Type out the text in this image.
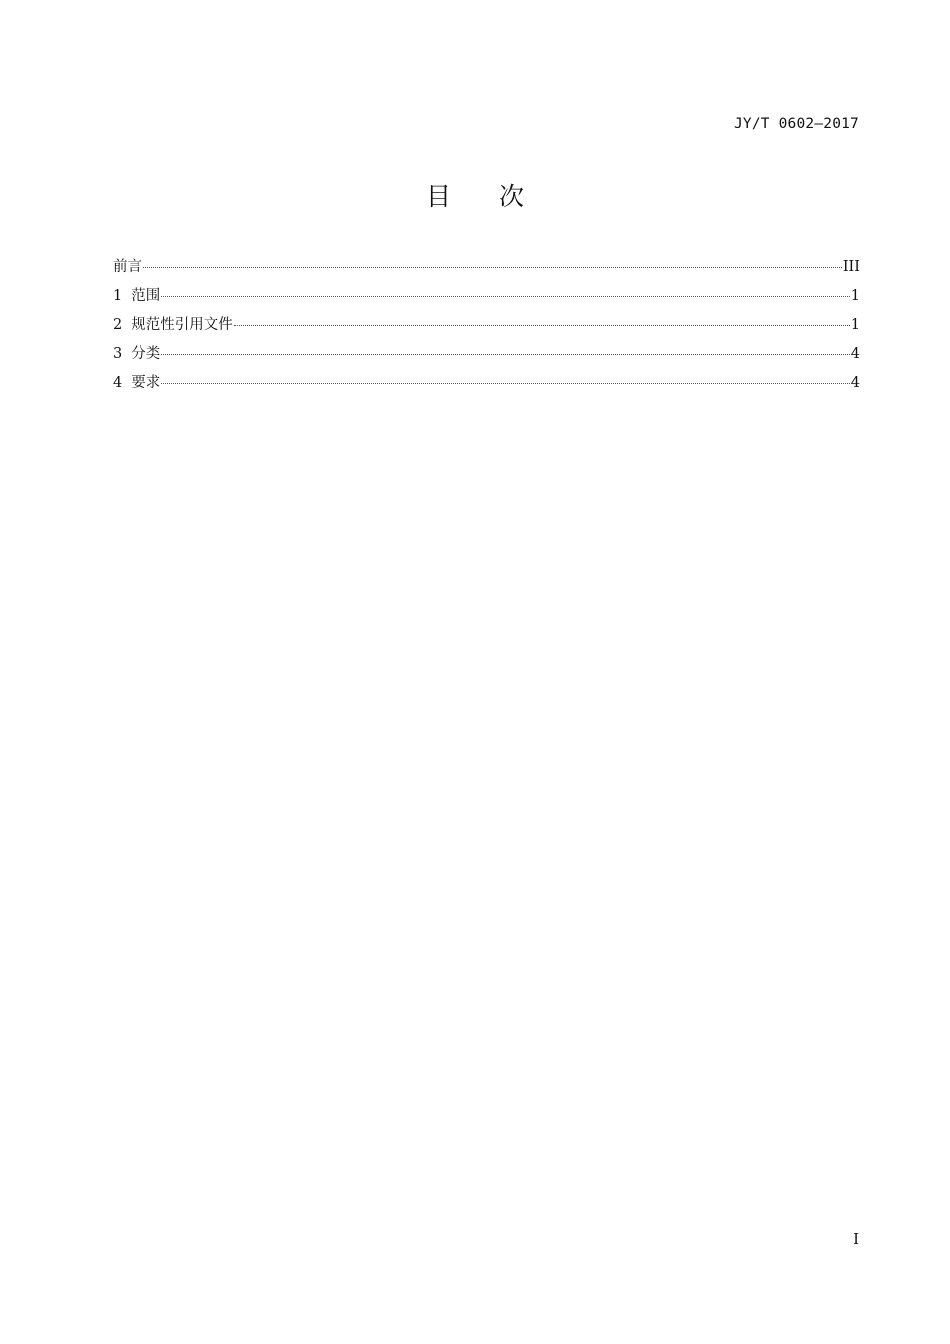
JY/T 0602—2017
目次
前言	III
1 范围	1
2 规范性引用文件	1
3 分类	4
4 要求	4
I
